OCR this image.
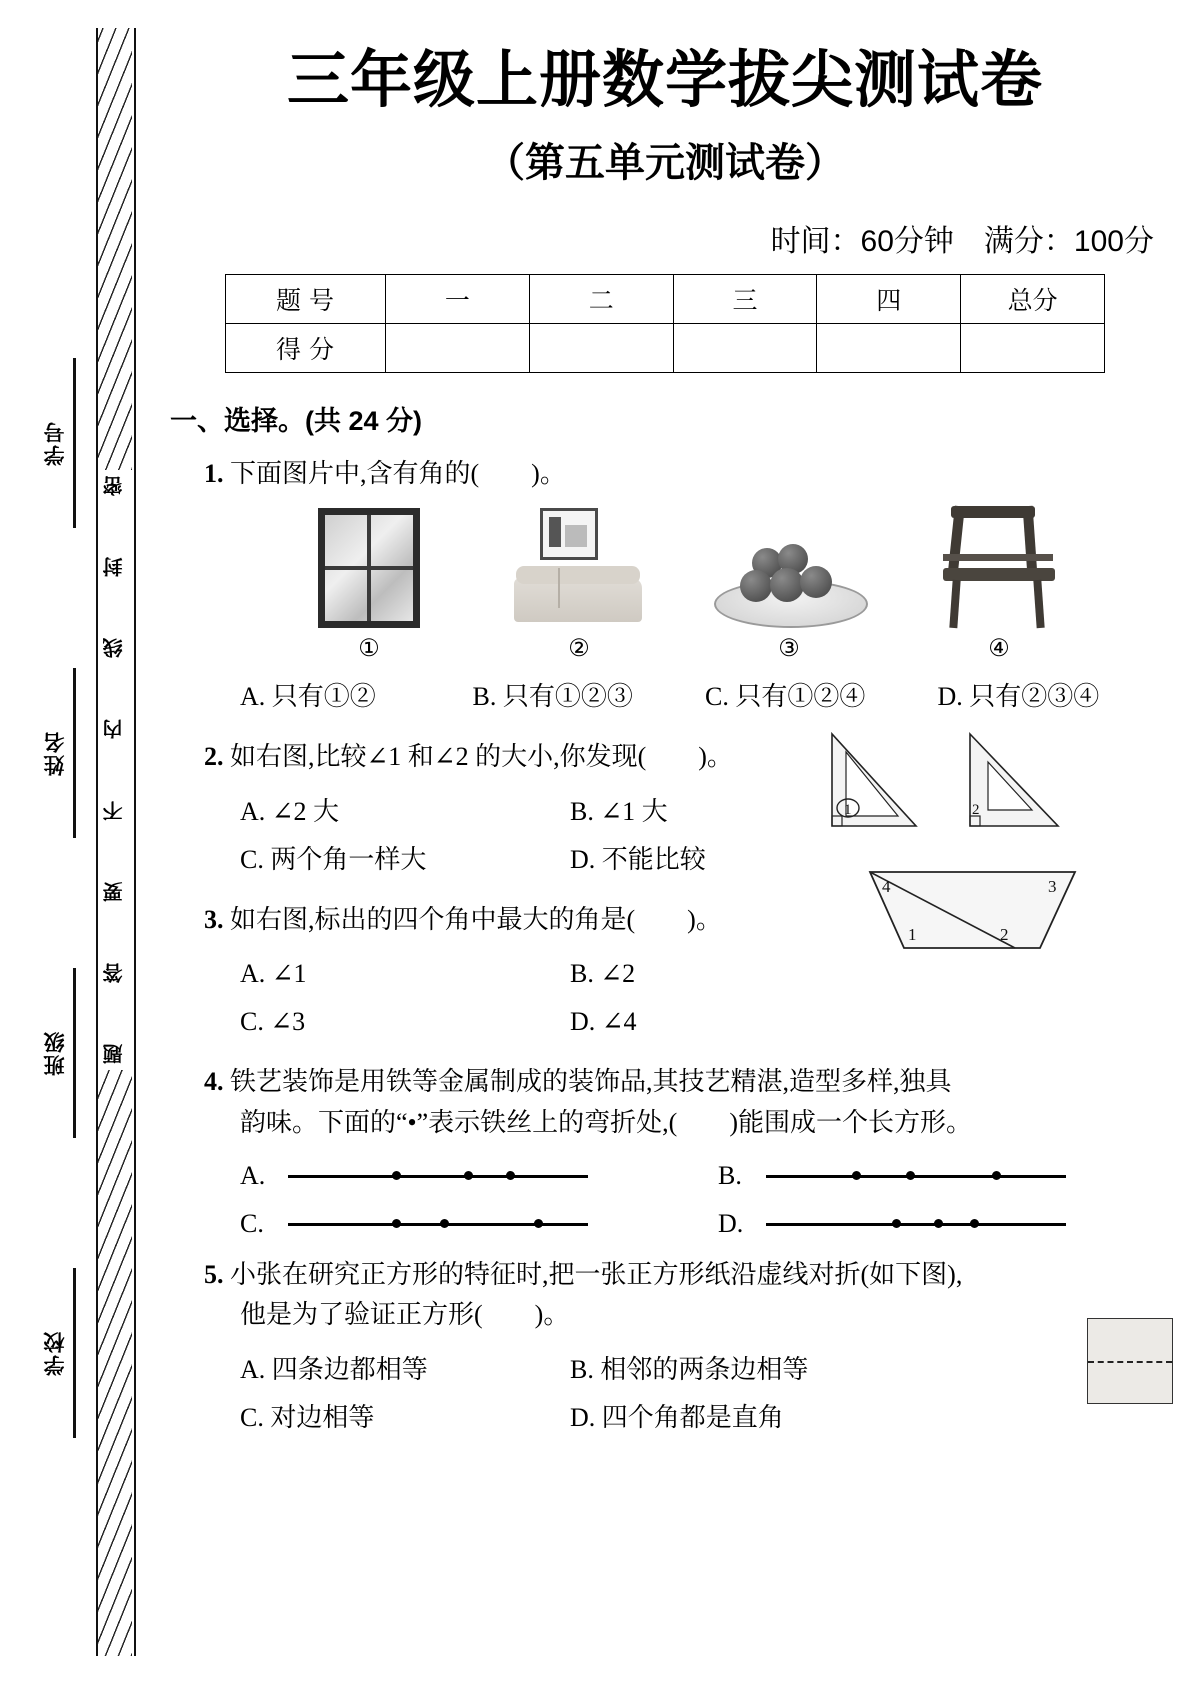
密
封
线
内
不
要
答
题
学号
姓名
班级
学校
三年级上册数学拔尖测试卷
（第五单元测试卷）
时间：60分钟　满分：100分
题号	一	二	三	四	总分
得分					
一、选择。(共 24 分)
1. 下面图片中,含有角的(        )。
①	②	③	④
A. 只有①②	B. 只有①②③	C. 只有①②④	D. 只有②③④
2. 如右图,比较∠1 和∠2 的大小,你发现(        )。
A. ∠2 大
C. 两个角一样大
B. ∠1 大
D. 不能比较
3. 如右图,标出的四个角中最大的角是(        )。
A. ∠1
C. ∠3
B. ∠2
D. ∠4
4. 铁艺装饰是用铁等金属制成的装饰品,其技艺精湛,造型多样,独具
韵味。下面的“•”表示铁丝上的弯折处,(        )能围成一个长方形。
A.	B.
C.	D.
5. 小张在研究正方形的特征时,把一张正方形纸沿虚线对折(如下图),
他是为了验证正方形(        )。
A. 四条边都相等
C. 对边相等
B. 相邻的两条边相等
D. 四个角都是直角
1	2
4	3
1	2
